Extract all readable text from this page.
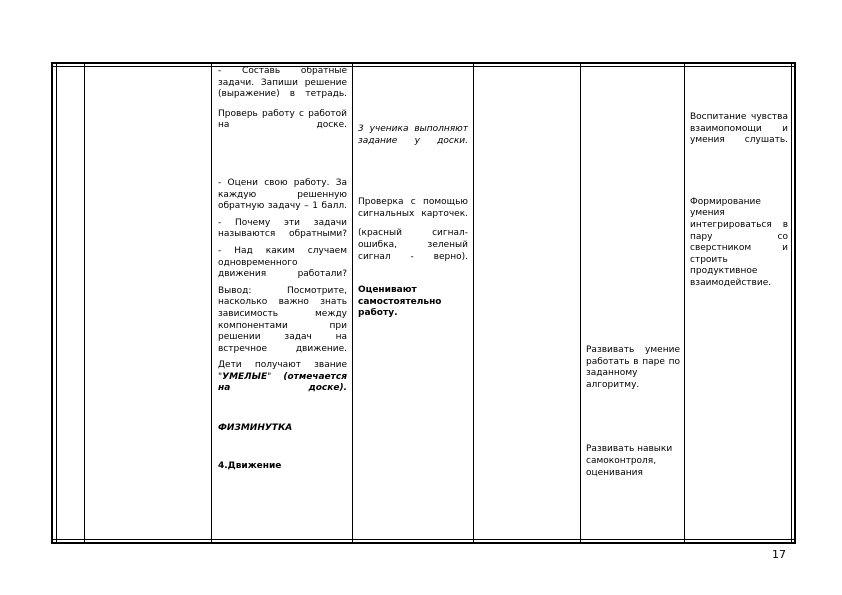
- Составь обратные задачи. Запиши решение (выражение) в тетрадь.

Проверь работу с работой на доске.

- Оцени свою работу. За каждую решенную обратную задачу – 1 балл.

- Почему эти задачи называются обратными?

- Над каким случаем одновременного движения работали?

Вывод: Посмотрите, насколько важно знать зависимость между компонентами при решении задач на встречное движение.

Дети получают звание "УМЕЛЫЕ" (отмечается на доске).

ФИЗМИНУТКА

4.Движение

3 ученика выполняют задание у доски.

Проверка с помощью сигнальных карточек.

(красный сигнал- ошибка, зеленый сигнал - верно).

Оценивают самостоятельно работу.

Развивать умение работать в паре по заданному алгоритму.

Развивать навыки самоконтроля, оценивания

Воспитание чувства взаимопомощи и умения слушать.

Формирование умения интегрироваться в пару со сверстником и строить продуктивное взаимодействие.

17
